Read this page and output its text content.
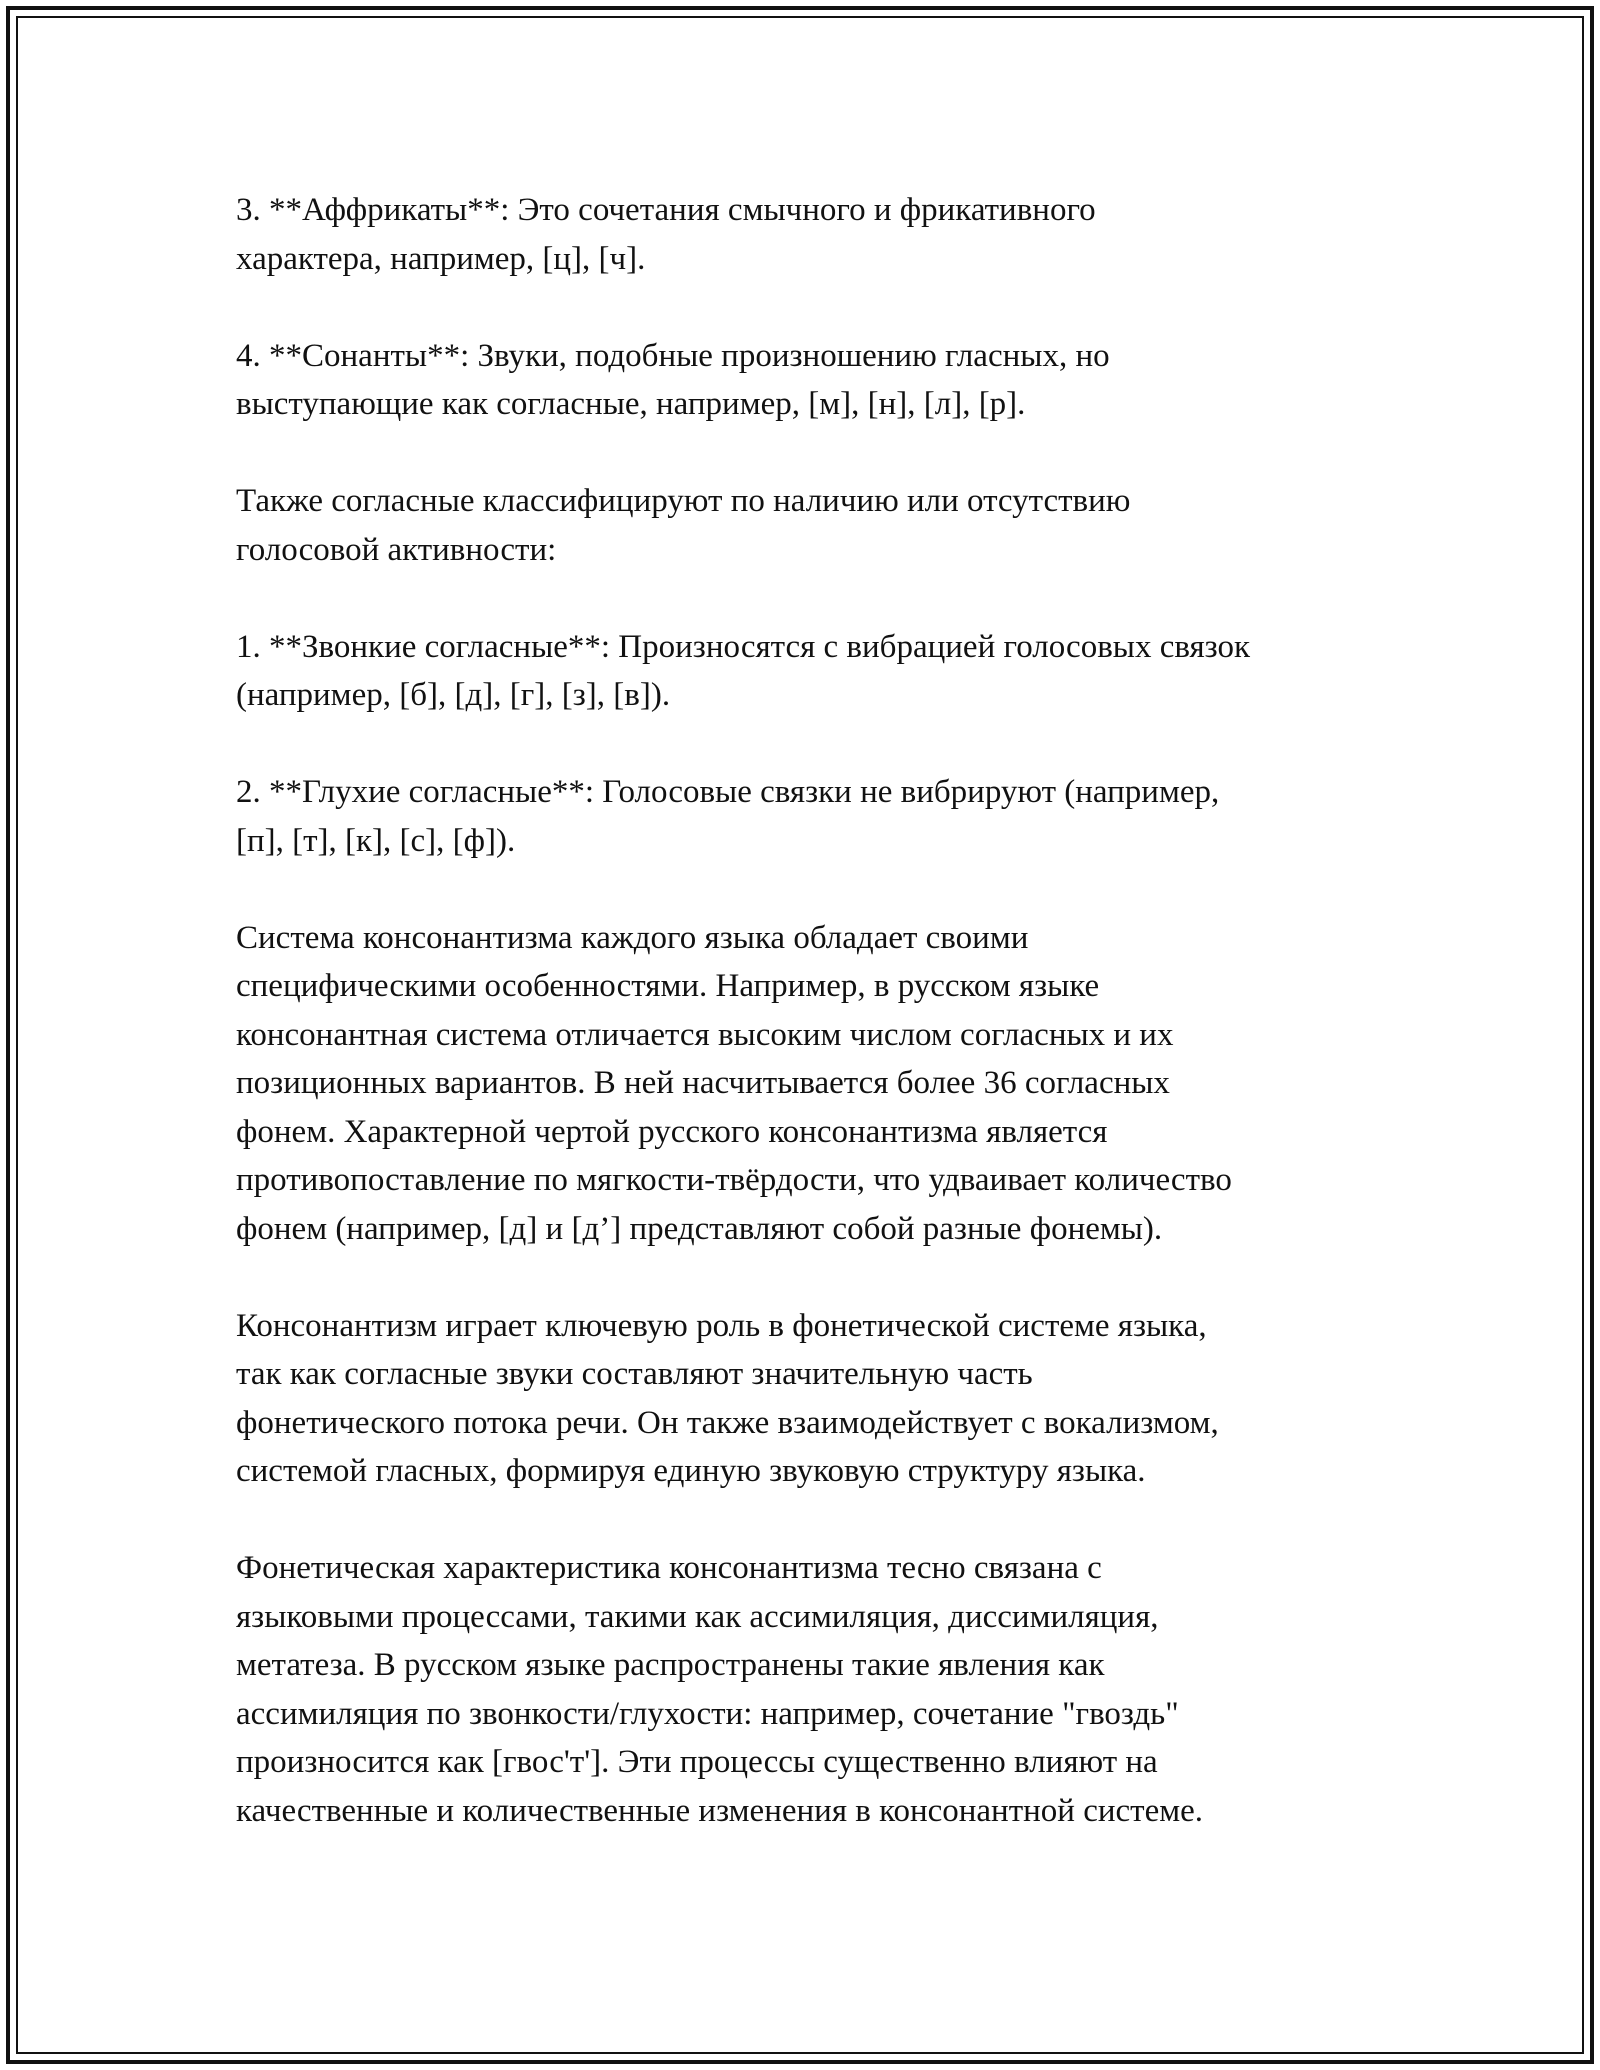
3. **Аффрикаты**: Это сочетания смычного и фрикативного
характера, например, [ц], [ч].

4. **Сонанты**: Звуки, подобные произношению гласных, но
выступающие как согласные, например, [м], [н], [л], [р].

Также согласные классифицируют по наличию или отсутствию
голосовой активности:

1. **Звонкие согласные**: Произносятся с вибрацией голосовых связок
(например, [б], [д], [г], [з], [в]).

2. **Глухие согласные**: Голосовые связки не вибрируют (например,
[п], [т], [к], [с], [ф]).

Система консонантизма каждого языка обладает своими
специфическими особенностями. Например, в русском языке
консонантная система отличается высоким числом согласных и их
позиционных вариантов. В ней насчитывается более 36 согласных
фонем. Характерной чертой русского консонантизма является
противопоставление по мягкости-твёрдости, что удваивает количество
фонем (например, [д] и [д’] представляют собой разные фонемы).

Консонантизм играет ключевую роль в фонетической системе языка,
так как согласные звуки составляют значительную часть
фонетического потока речи. Он также взаимодействует с вокализмом,
системой гласных, формируя единую звуковую структуру языка.

Фонетическая характеристика консонантизма тесно связана с
языковыми процессами, такими как ассимиляция, диссимиляция,
метатеза. В русском языке распространены такие явления как
ассимиляция по звонкости/глухости: например, сочетание "гвоздь"
произносится как [гвос'т']. Эти процессы существенно влияют на
качественные и количественные изменения в консонантной системе.
